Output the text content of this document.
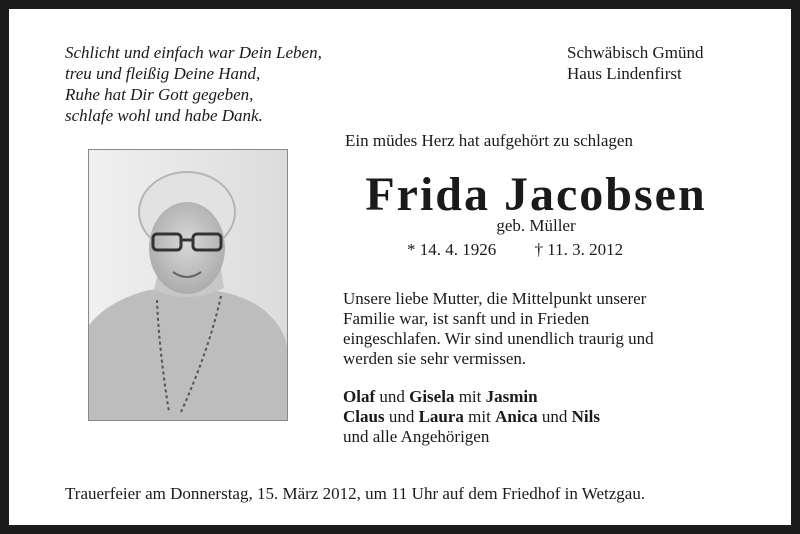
Schlicht und einfach war Dein Leben,
treu und fleißig Deine Hand,
Ruhe hat Dir Gott gegeben,
schlafe wohl und habe Dank.
Schwäbisch Gmünd
Haus Lindenfirst
Ein müdes Herz hat aufgehört zu schlagen
Frida Jacobsen
geb. Müller
* 14. 4. 1926 † 11. 3. 2012
Unsere liebe Mutter, die Mittelpunkt unserer
Familie war, ist sanft und in Frieden
eingeschlafen. Wir sind unendlich traurig und
werden sie sehr vermissen.
Olaf und Gisela mit Jasmin
Claus und Laura mit Anica und Nils
und alle Angehörigen
Trauerfeier am Donnerstag, 15. März 2012, um 11 Uhr auf dem Friedhof in Wetzgau.
